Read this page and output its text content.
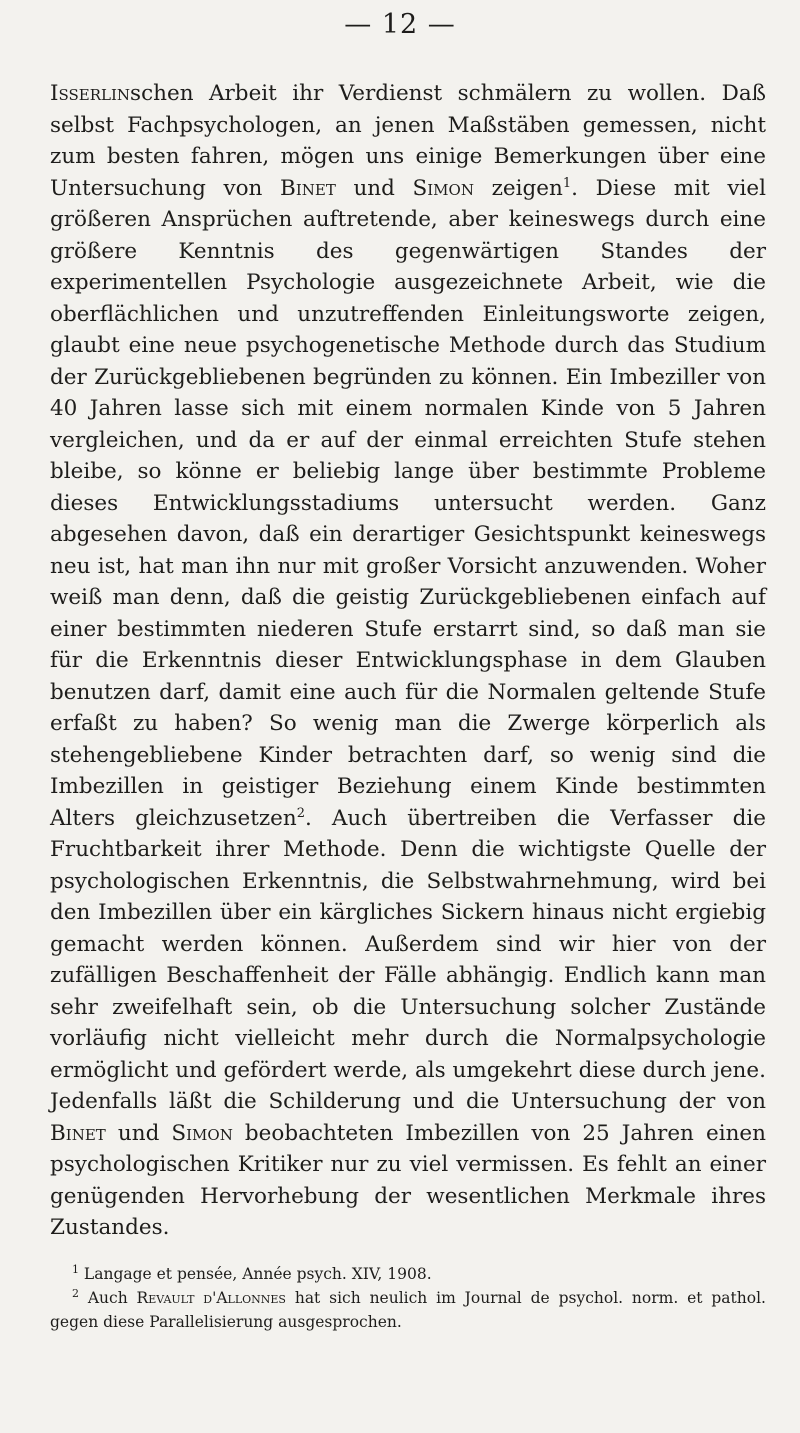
— 12 —

Isserlinschen Arbeit ihr Verdienst schmälern zu wollen. Daß selbst Fachpsychologen, an jenen Maßstäben gemessen, nicht zum besten fahren, mögen uns einige Bemerkungen über eine Untersuchung von Binet und Simon zeigen$^1$. Diese mit viel größeren Ansprüchen auftretende, aber keineswegs durch eine größere Kenntnis des gegenwärtigen Standes der experimentellen Psychologie ausgezeichnete Arbeit, wie die oberflächlichen und unzutreffenden Einleitungsworte zeigen, glaubt eine neue psychogenetische Methode durch das Studium der Zurückgebliebenen begründen zu können. Ein Imbeziller von 40 Jahren lasse sich mit einem normalen Kinde von 5 Jahren vergleichen, und da er auf der einmal erreichten Stufe stehen bleibe, so könne er beliebig lange über bestimmte Probleme dieses Entwicklungsstadiums untersucht werden. Ganz abgesehen davon, daß ein derartiger Gesichtspunkt keineswegs neu ist, hat man ihn nur mit großer Vorsicht anzuwenden. Woher weiß man denn, daß die geistig Zurückgebliebenen einfach auf einer bestimmten niederen Stufe erstarrt sind, so daß man sie für die Erkenntnis dieser Entwicklungsphase in dem Glauben benutzen darf, damit eine auch für die Normalen geltende Stufe erfaßt zu haben? So wenig man die Zwerge körperlich als stehengebliebene Kinder betrachten darf, so wenig sind die Imbezillen in geistiger Beziehung einem Kinde bestimmten Alters gleichzusetzen$^2$. Auch übertreiben die Verfasser die Fruchtbarkeit ihrer Methode. Denn die wichtigste Quelle der psychologischen Erkenntnis, die Selbstwahrnehmung, wird bei den Imbezillen über ein kärgliches Sickern hinaus nicht ergiebig gemacht werden können. Außerdem sind wir hier von der zufälligen Beschaffenheit der Fälle abhängig. Endlich kann man sehr zweifelhaft sein, ob die Untersuchung solcher Zustände vorläufig nicht vielleicht mehr durch die Normalpsychologie ermöglicht und gefördert werde, als umgekehrt diese durch jene.

Jedenfalls läßt die Schilderung und die Untersuchung der von Binet und Simon beobachteten Imbezillen von 25 Jahren einen psychologischen Kritiker nur zu viel vermissen. Es fehlt an einer genügenden Hervorhebung der wesentlichen Merkmale ihres Zustandes.

$^1$ Langage et pensée, Année psych. XIV, 1908.

$^2$ Auch Revault d'Allonnes hat sich neulich im Journal de psychol. norm. et pathol. gegen diese Parallelisierung ausgesprochen.
